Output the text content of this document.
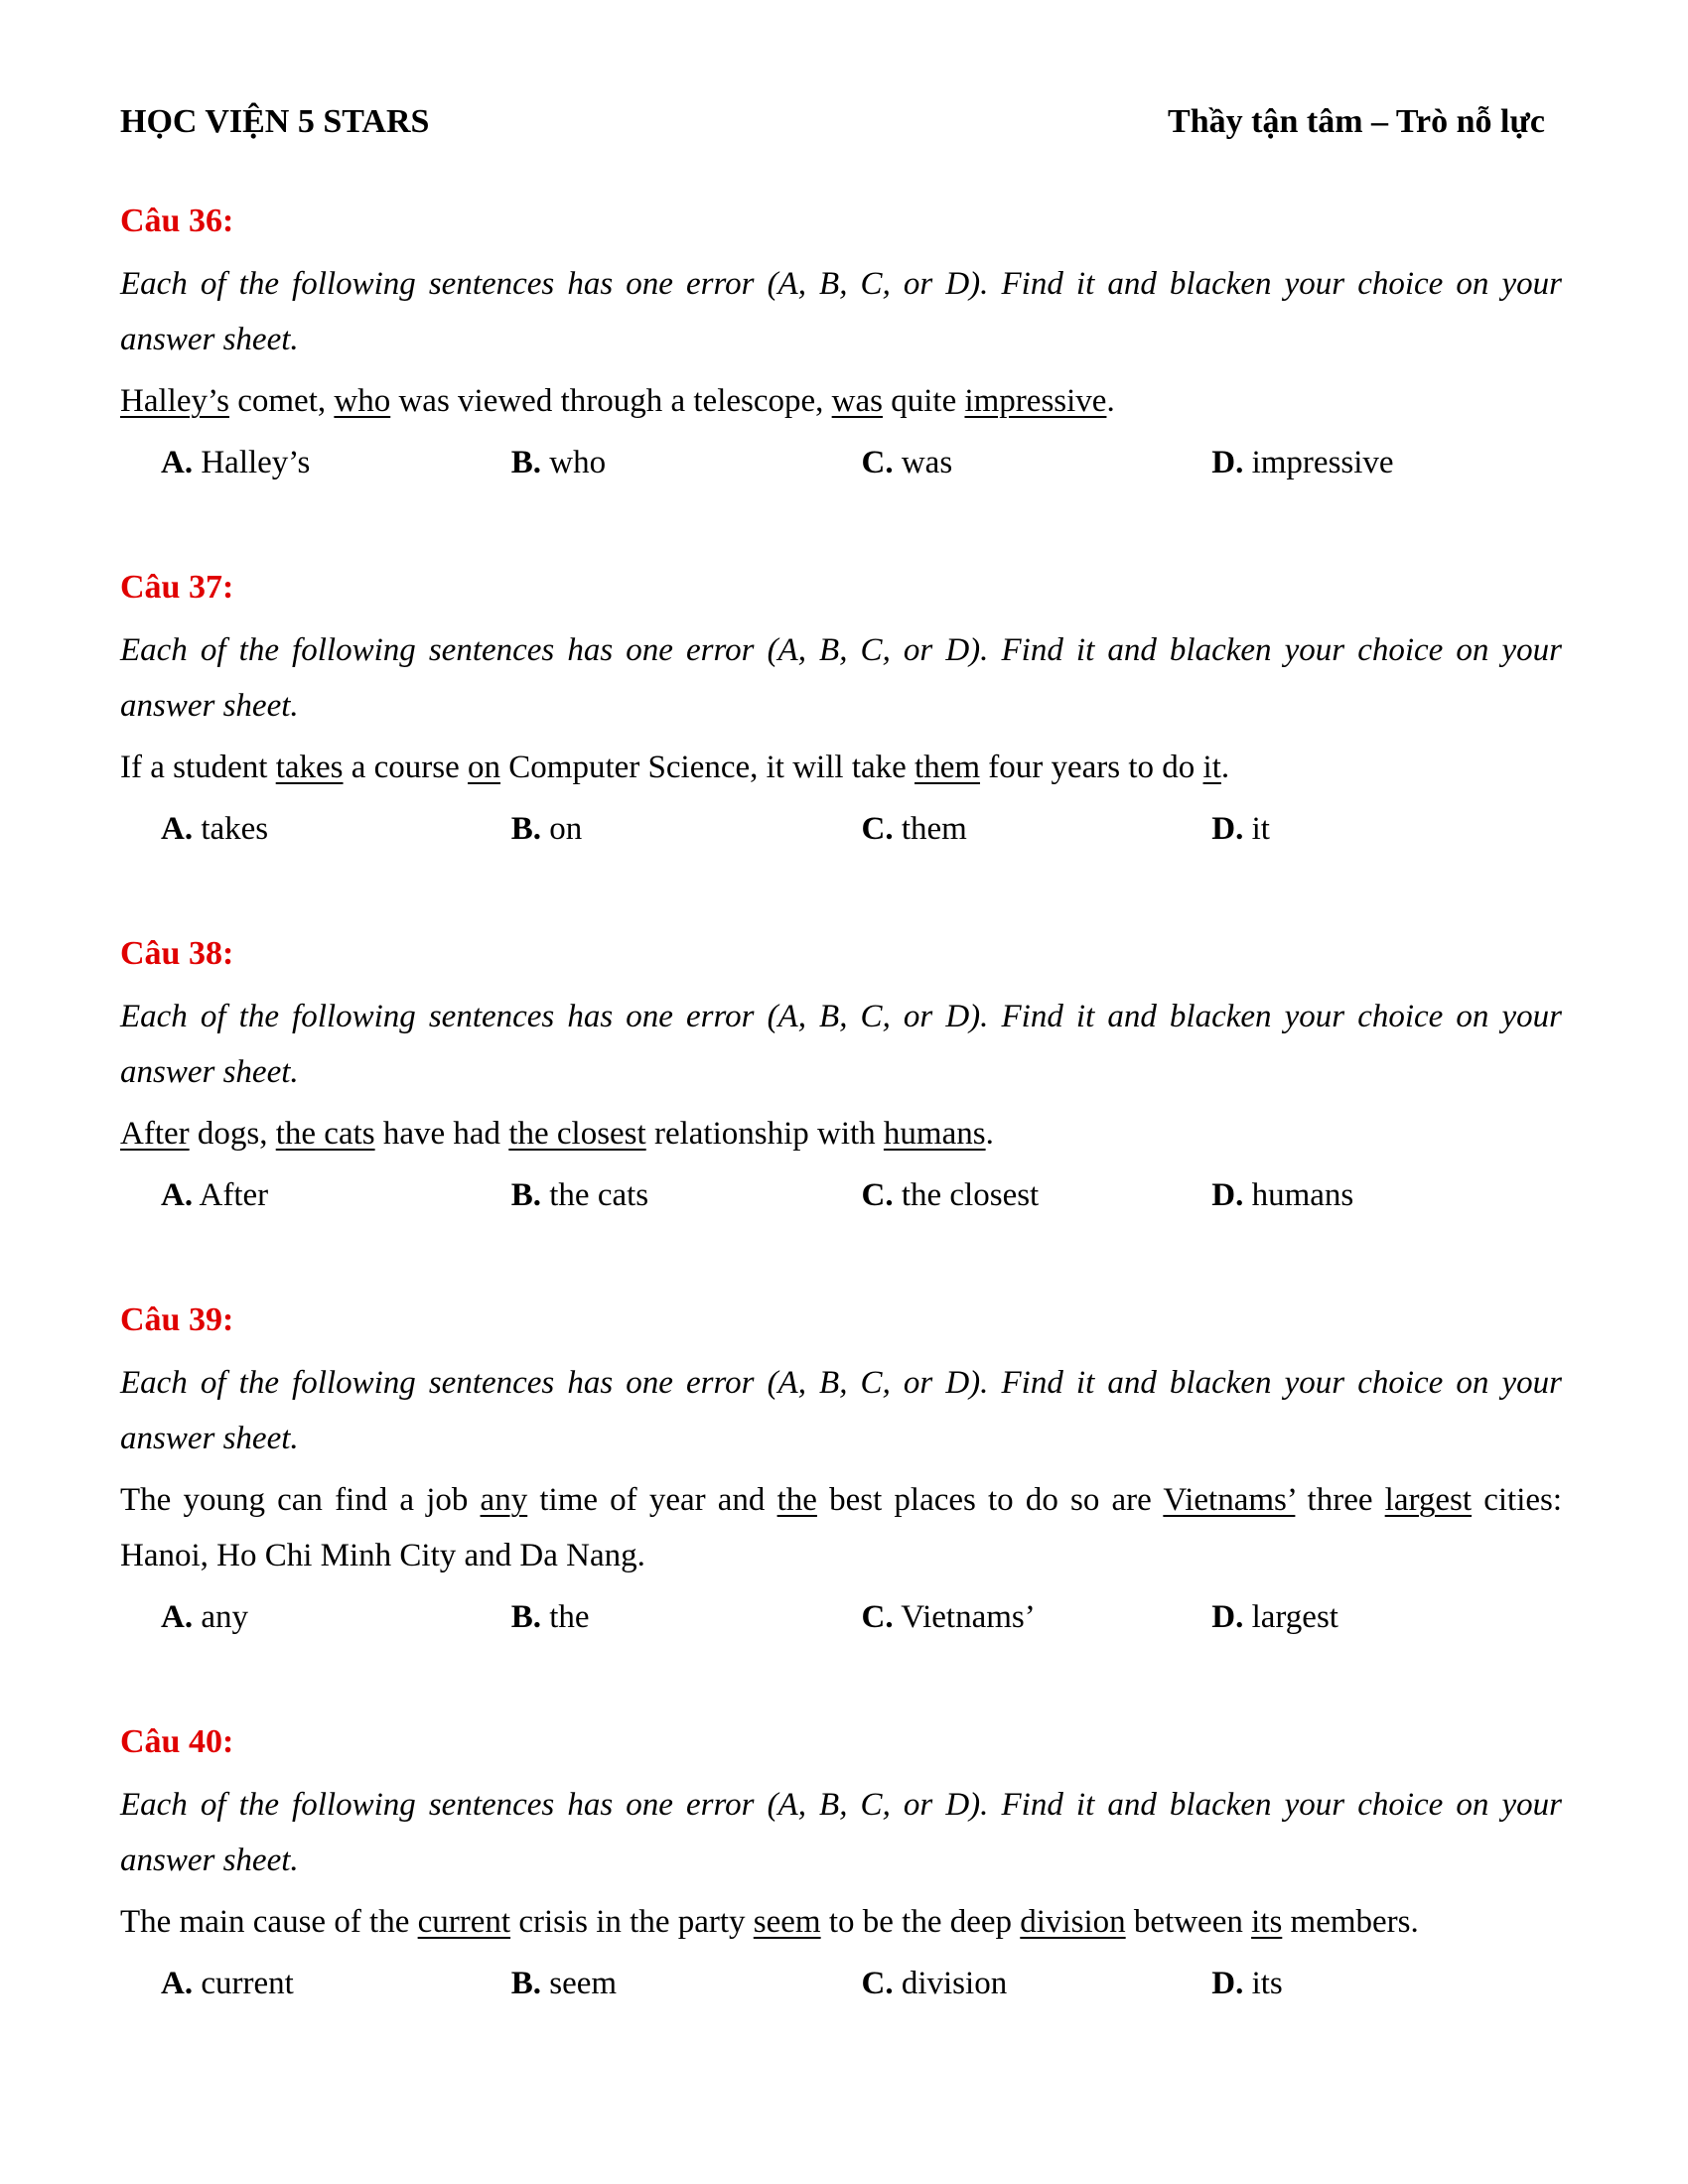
HỌC VIỆN 5 STARS	Thầy tận tâm – Trò nỗ lực
Câu 36:
Each of the following sentences has one error (A, B, C, or D). Find it and blacken your choice on your answer sheet.
Halley’s comet, who was viewed through a telescope, was quite impressive.
A. Halley’s	B. who	C. was	D. impressive
Câu 37:
Each of the following sentences has one error (A, B, C, or D). Find it and blacken your choice on your answer sheet.
If a student takes a course on Computer Science, it will take them four years to do it.
A. takes	B. on	C. them	D. it
Câu 38:
Each of the following sentences has one error (A, B, C, or D). Find it and blacken your choice on your answer sheet.
After dogs, the cats have had the closest relationship with humans.
A. After	B. the cats	C. the closest	D. humans
Câu 39:
Each of the following sentences has one error (A, B, C, or D). Find it and blacken your choice on your answer sheet.
The young can find a job any time of year and the best places to do so are Vietnams’ three largest cities: Hanoi, Ho Chi Minh City and Da Nang.
A. any	B. the	C. Vietnams’	D. largest
Câu 40:
Each of the following sentences has one error (A, B, C, or D). Find it and blacken your choice on your answer sheet.
The main cause of the current crisis in the party seem to be the deep division between its members.
A. current	B. seem	C. division	D. its
